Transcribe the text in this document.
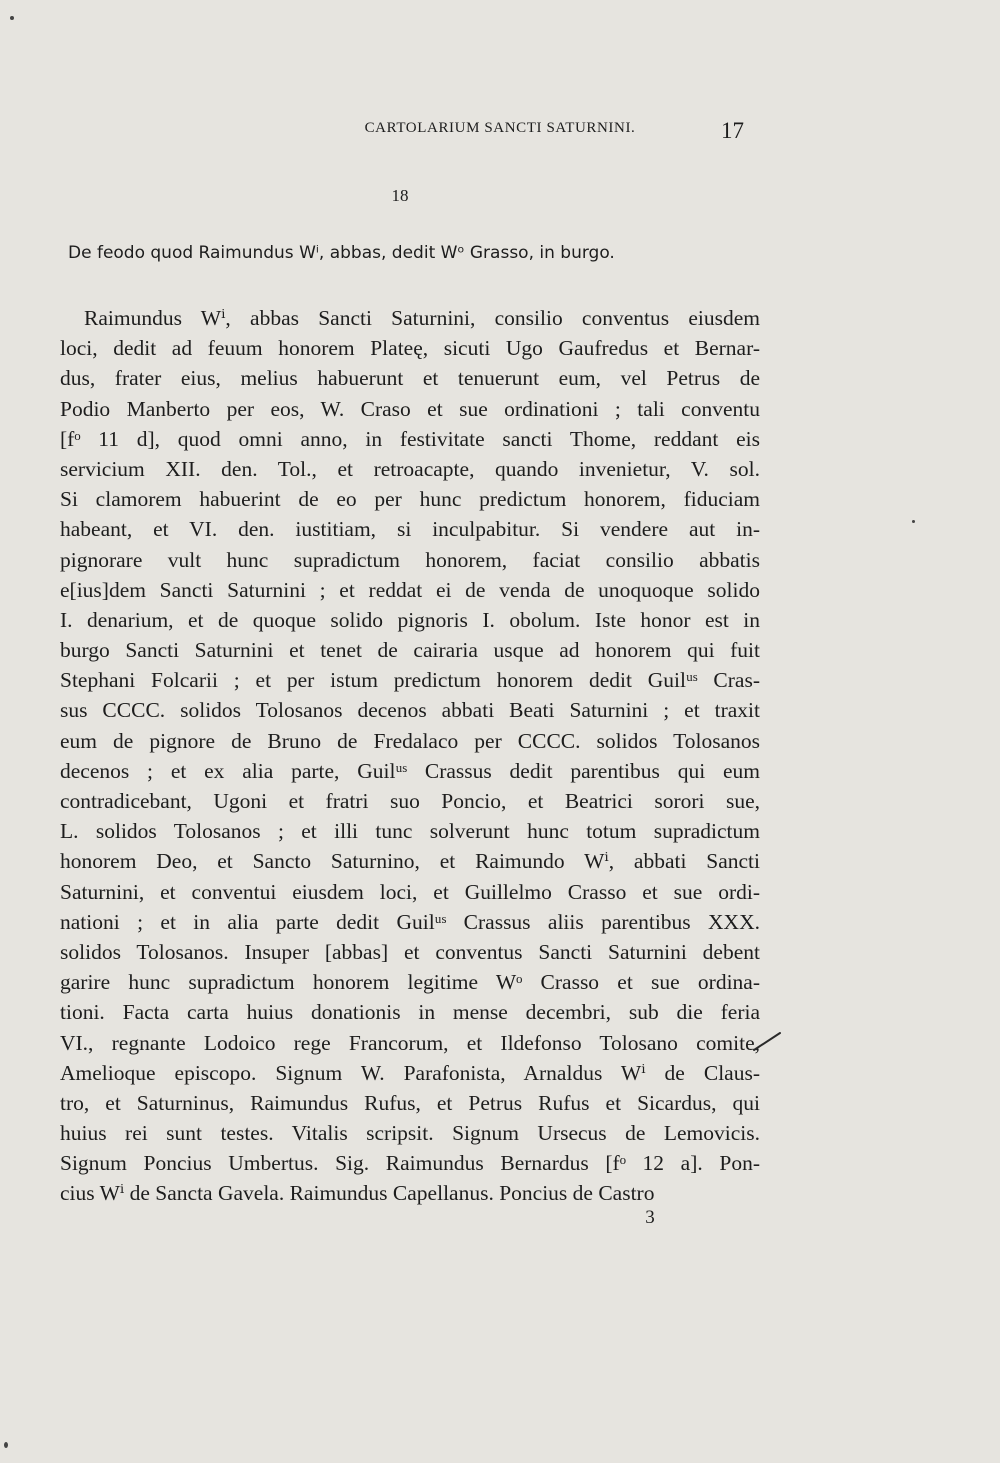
CARTOLARIUM SANCTI SATURNINI.	17
18
De feodo quod Raimundus Wⁱ, abbas, dedit Wᵒ Grasso, in burgo.
Raimundus Wⁱ, abbas Sancti Saturnini, consilio conventus eiusdem
loci, dedit ad feuum honorem Plateę, sicuti Ugo Gaufredus et Bernar-
dus, frater eius, melius habuerunt et tenuerunt eum, vel Petrus de
Podio Manberto per eos, W. Craso et sue ordinationi ; tali conventu
[fᵒ 11 d], quod omni anno, in festivitate sancti Thome, reddant eis
servicium XII. den. Tol., et retroacapte, quando invenietur, V. sol.
Si clamorem habuerint de eo per hunc predictum honorem, fiduciam
habeant, et VI. den. iustitiam, si inculpabitur. Si vendere aut in-
pignorare vult hunc supradictum honorem, faciat consilio abbatis
e[ius]dem Sancti Saturnini ; et reddat ei de venda de unoquoque solido
I. denarium, et de quoque solido pignoris I. obolum. Iste honor est in
burgo Sancti Saturnini et tenet de cairaria usque ad honorem qui fuit
Stephani Folcarii ; et per istum predictum honorem dedit Guilᵘˢ Cras-
sus CCCC. solidos Tolosanos decenos abbati Beati Saturnini ; et traxit
eum de pignore de Bruno de Fredalaco per CCCC. solidos Tolosanos
decenos ; et ex alia parte, Guilᵘˢ Crassus dedit parentibus qui eum
contradicebant, Ugoni et fratri suo Poncio, et Beatrici sorori sue,
L. solidos Tolosanos ; et illi tunc solverunt hunc totum supradictum
honorem Deo, et Sancto Saturnino, et Raimundo Wⁱ, abbati Sancti
Saturnini, et conventui eiusdem loci, et Guillelmo Crasso et sue ordi-
nationi ; et in alia parte dedit Guilᵘˢ Crassus aliis parentibus XXX.
solidos Tolosanos. Insuper [abbas] et conventus Sancti Saturnini debent
garire hunc supradictum honorem legitime Wᵒ Crasso et sue ordina-
tioni. Facta carta huius donationis in mense decembri, sub die feria
VI., regnante Lodoico rege Francorum, et Ildefonso Tolosano comite,
Amelioque episcopo. Signum W. Parafonista, Arnaldus Wⁱ de Claus-
tro, et Saturninus, Raimundus Rufus, et Petrus Rufus et Sicardus, qui
huius rei sunt testes. Vitalis scripsit. Signum Ursecus de Lemovicis.
Signum Poncius Umbertus. Sig. Raimundus Bernardus [fᵒ 12 a]. Pon-
cius Wⁱ de Sancta Gavela. Raimundus Capellanus. Poncius de Castro
3
